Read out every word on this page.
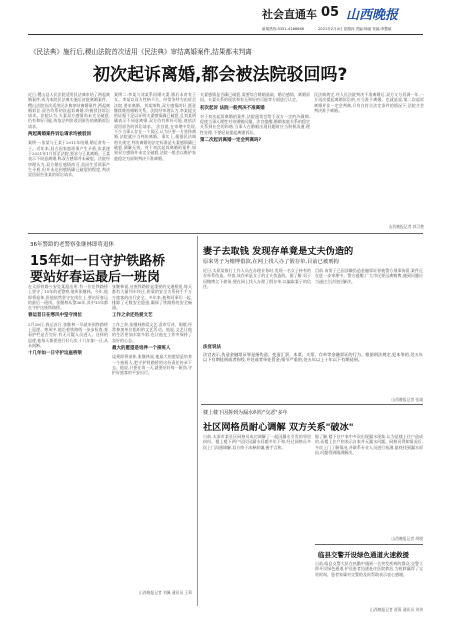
社会直通车 05 山西晚报
新闻热线:0351-4286666	2021年2月4日 星期四 责编:杨丽 美编:李慧斌
《民法典》施行后,稷山法院首次适用《民法典》审结离婚案件,结果都未判离
初次起诉离婚,都会被法院驳回吗?
近日,稷山县人民法院适用民法典审结了两起离婚案件,成为本院民法典实施后首批离婚案件。稷山法院首次适用民法典审结离婚案件,两起离婚诉讼,原告均系初次起诉离婚,均被驳回诉讼请求。法院认为,夫妻双方感情尚未完全破裂,仍有和好可能,故依法判决驳回原告的离婚诉讼请求。
两起离婚案件诉讼请求均被驳回
案例一:张某与王某于2011年结婚,婚后育有一子。近年来,双方因家庭琐事产生矛盾,张某遂于2021年1月诉至法院,要求与王某离婚。王某表示不同意离婚,称双方感情并未破裂。法院经审理认为,双方婚后感情尚可,虽因生活琐事产生矛盾,但并未达到感情确已破裂的程度,判决驳回原告张某的诉讼请求。
案例二:李某与刘某系再婚夫妻,婚后未育有子女。李某以双方性格不合、经常争吵为由诉至法院,要求离婚。刘某辩称,双方感情尚好,愿意继续维持婚姻关系。法院经审理认为,李某提交的证据不足以证明夫妻感情确已破裂,且刘某明确表示不同意离婚,双方仍有和好可能,遂依法驳回原告的诉讼请求。 法官说,在审理中发现,不少当事人存在一个误区,认为只要一方坚持离婚,法院就应当判决离婚。事实上,根据民法典相关规定,判决离婚的法定标准是夫妻感情确已破裂,调解无效。对于初次起诉离婚的案件,如果双方感情并未完全破裂,法院一般会以维护家庭稳定为原则判决不准离婚。
夫妻感情是否确已破裂,需要综合婚姻基础、婚后感情、离婚原因、夫妻关系的现状和有无和好的可能等方面进行认定。
初次起诉 法院一般判决不准离婚
对于初次起诉离婚的案件,法院通常会给予双方一定的冷静期,促使当事人理性对待婚姻问题。法官提醒,婚姻家庭关系的稳定关系到社会的和谐,当事人在婚姻出现问题时应当积极沟通,理性处理,不要轻易提起离婚诉讼。
第二次起诉离婚一定会判离吗?
民法典规定,经人民法院判决不准离婚后,双方又分居满一年,一方再次提起离婚诉讼的,应当准予离婚。也就是说,第二次起诉离婚并非一定会判离,只有在符合法定条件的情况下,法院才会判决准予离婚。
山西晚报记者 郭卫艳
36年警龄的老警察张继林即将退休
15年如一日守护铁路桥
要站好春运最后一班岗
在太原铁路公安处某派出所,有一位在铁路桥上坚守了15年的老警察,他叫张继林。今年,他即将退休,但他依然坚守在岗位上,要站好春运的最后一班岗。张继林从警36年,其中15年都在守护这座铁路桥。
春运首日在寒风中坚守岗位
2月28日,春运首日,张继林一早就来到铁路桥上巡逻。寒风中,他沿着铁路线一步步检查,查看护栏是否完好,有无可疑人员进入。这样的巡逻,他每天都要进行好几次,十几年如一日,从未间断。
十几年如一日守护这座桥梁
张继林说,这座铁路桥是重要的交通枢纽,每天都有大量列车经过,桥梁的安全关系到千千万万旅客的出行安全。多年来,他和同事们一起,排除了无数安全隐患,确保了铁路桥的安全畅通。
工作之余还热爱文艺
工作之余,张继林热爱文艺,喜欢写诗、唱歌,经常参加单位组织的文艺活动。他说,文艺让他的生活更加丰富多彩,也让他在工作中保持了良好的心态。
最大的愿望是培养一个接班人
谈到即将退休,张继林说,他最大的愿望是培养一个接班人,把守护铁路桥的这份责任传承下去。他说,只要在岗一天,就要站好每一班岗,守护好旅客的平安出行。
山西晚报记者 刘佩 通讯员 王莉
妻子去取钱 发现存单竟是丈夫伪造的
原来男子为赌博借款,在网上找人办了假存单,目前已被刑拘
近日,太原某银行工作人员在办理业务时,发现一名女子持有的存单系伪造。经查,该存单是女子的丈夫伪造的。据了解,男子因赌博欠下债务,便在网上找人办理了假存单,以骗取妻子的信任。
目前,该男子已因涉嫌伪造金融票证罪被警方刑事拘留,案件正在进一步审理中。警方提醒,广大市民要远离赌博,遇到问题应当通过合法途径解决。
法官说法
法官表示,伪造金融票证罪是指伪造、变造汇票、本票、支票、存单等金融票证的行为。根据刑法规定,犯本罪的,处五年以下有期徒刑或者拘役,并处或者单处罚金;情节严重的,处五年以上十年以下有期徒刑。
山西晚报记者 张瑜
楼上楼下因拆到为漏水纠纷"交恶"多年
社区网格员耐心调解 双方关系"破冰"
日前,太原市某社区网格员成功调解了一起因漏水引发的邻里纠纷。楼上楼下两户居民因漏水问题多年不和,经过网格员多次上门沟通调解,双方终于冰释前嫌,握手言和。
据了解,楼下住户家中多次出现漏水现象,认为是楼上住户造成的,而楼上住户则表示自家并无漏水问题。网格员得知情况后,多次上门了解情况,并联系专业人员进行检测,最终找到漏水原因,问题得到圆满解决。
山西晚报记者 胡晓
临县交警开设绿色通道火速救援
日前,临县交警大队在执勤中遇到一名突发疾病的群众,交警立即开设绿色通道,护送患者迅速赶往医院救治,为抢救赢得了宝贵时间。患者家属对交警的及时帮助表示衷心感谢。
山西晚报记者 贾燕 通讯员 刘伟
